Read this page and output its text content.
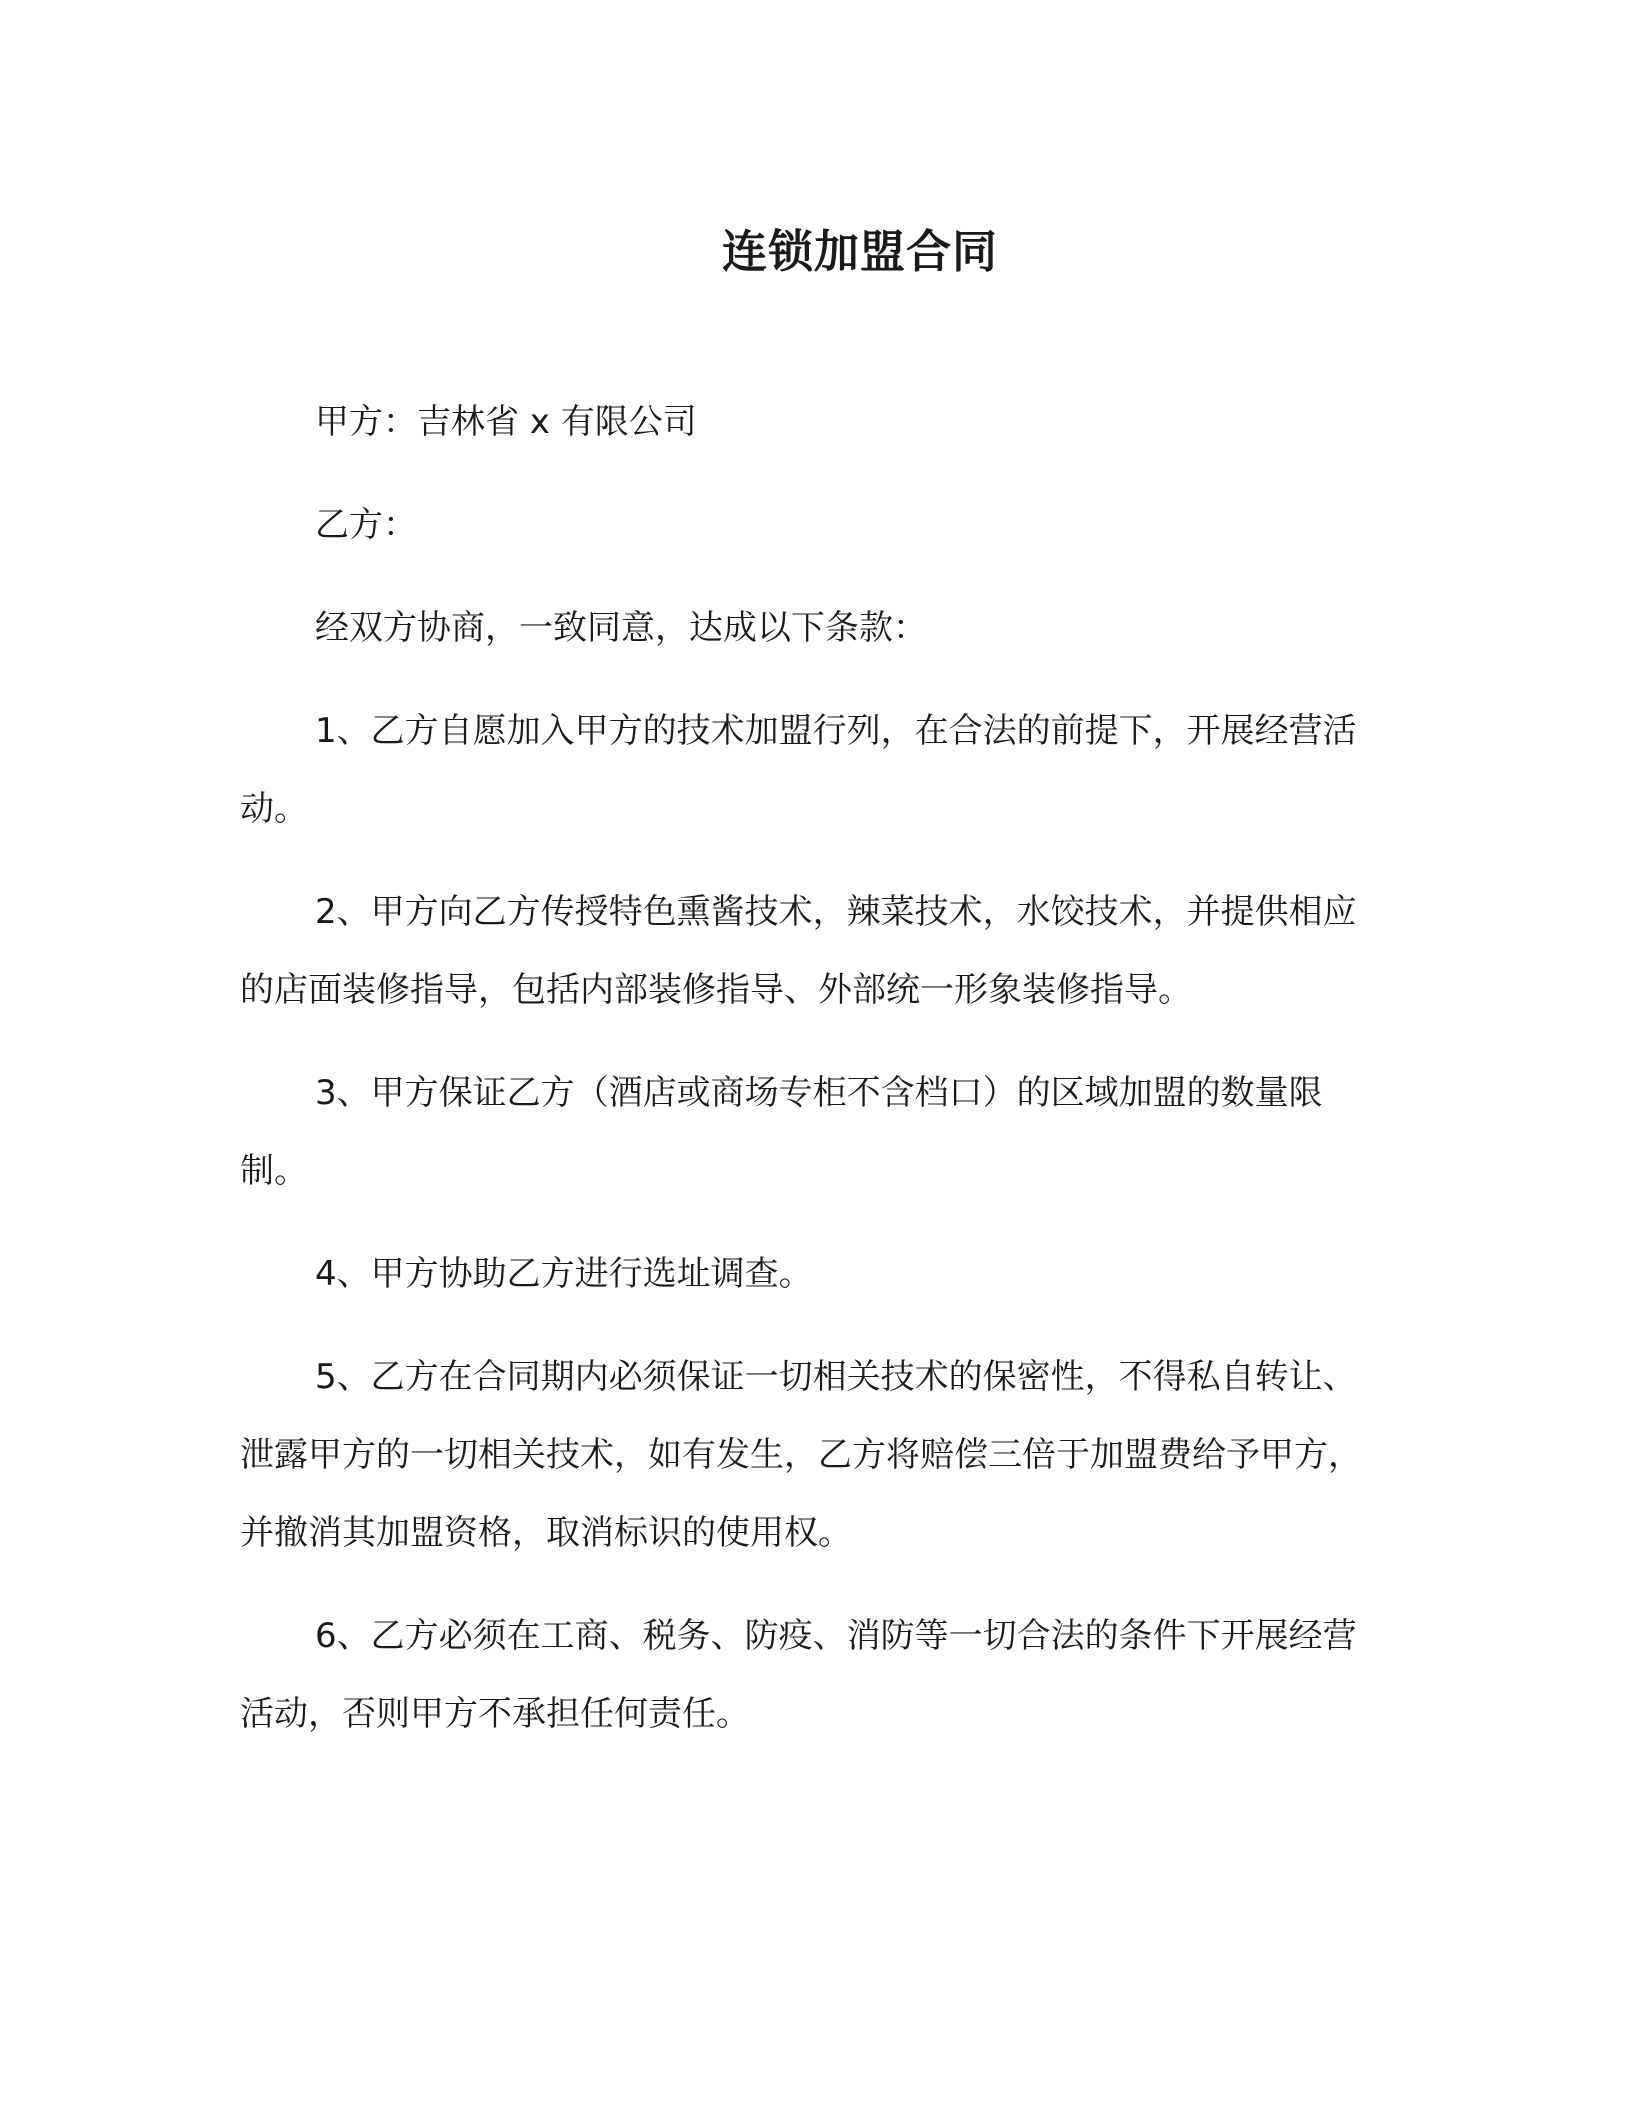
连锁加盟合同

甲方：吉林省 x 有限公司

乙方：

经双方协商，一致同意，达成以下条款：

1、乙方自愿加入甲方的技术加盟行列，在合法的前提下，开展经营活动。

2、甲方向乙方传授特色熏酱技术，辣菜技术，水饺技术，并提供相应的店面装修指导，包括内部装修指导、外部统一形象装修指导。

3、甲方保证乙方（酒店或商场专柜不含档口）的区域加盟的数量限制。

4、甲方协助乙方进行选址调查。

5、乙方在合同期内必须保证一切相关技术的保密性，不得私自转让、泄露甲方的一切相关技术，如有发生，乙方将赔偿三倍于加盟费给予甲方，并撤消其加盟资格，取消标识的使用权。

6、乙方必须在工商、税务、防疫、消防等一切合法的条件下开展经营活动，否则甲方不承担任何责任。
